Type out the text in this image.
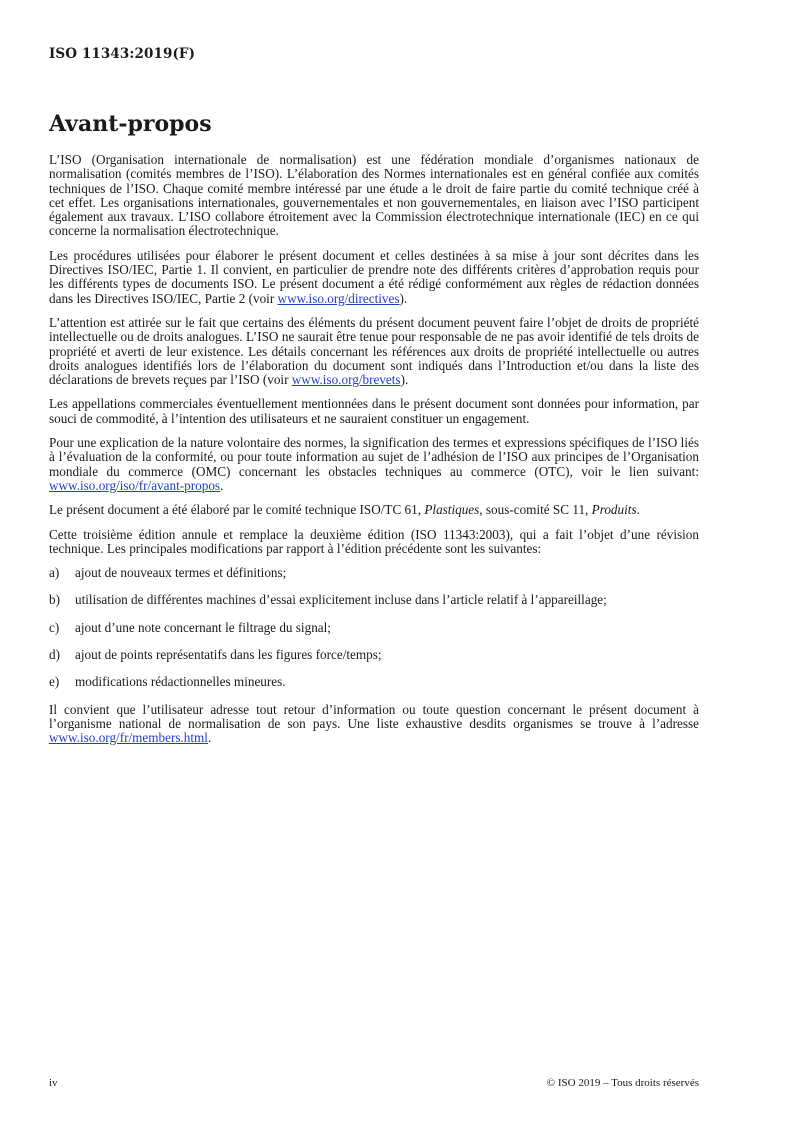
ISO 11343:2019(F)
Avant-propos

L’ISO (Organisation internationale de normalisation) est une fédération mondiale d’organismes nationaux de normalisation (comités membres de l’ISO). L’élaboration des Normes internationales est en général confiée aux comités techniques de l’ISO. Chaque comité membre intéressé par une étude a le droit de faire partie du comité technique créé à cet effet. Les organisations internationales, gouvernementales et non gouvernementales, en liaison avec l’ISO participent également aux travaux. L’ISO collabore étroitement avec la Commission électrotechnique internationale (IEC) en ce qui concerne la normalisation électrotechnique.

Les procédures utilisées pour élaborer le présent document et celles destinées à sa mise à jour sont décrites dans les Directives ISO/IEC, Partie 1. Il convient, en particulier de prendre note des différents critères d’approbation requis pour les différents types de documents ISO. Le présent document a été rédigé conformément aux règles de rédaction données dans les Directives ISO/IEC, Partie 2 (voir www.iso.org/directives).

L’attention est attirée sur le fait que certains des éléments du présent document peuvent faire l’objet de droits de propriété intellectuelle ou de droits analogues. L’ISO ne saurait être tenue pour responsable de ne pas avoir identifié de tels droits de propriété et averti de leur existence. Les détails concernant les références aux droits de propriété intellectuelle ou autres droits analogues identifiés lors de l’élaboration du document sont indiqués dans l’Introduction et/ou dans la liste des déclarations de brevets reçues par l’ISO (voir www.iso.org/brevets).

Les appellations commerciales éventuellement mentionnées dans le présent document sont données pour information, par souci de commodité, à l’intention des utilisateurs et ne sauraient constituer un engagement.

Pour une explication de la nature volontaire des normes, la signification des termes et expressions spécifiques de l’ISO liés à l’évaluation de la conformité, ou pour toute information au sujet de l’adhésion de l’ISO aux principes de l’Organisation mondiale du commerce (OMC) concernant les obstacles techniques au commerce (OTC), voir le lien suivant: www.iso.org/iso/fr/avant-propos.

Le présent document a été élaboré par le comité technique ISO/TC 61, Plastiques, sous-comité SC 11, Produits.

Cette troisième édition annule et remplace la deuxième édition (ISO 11343:2003), qui a fait l’objet d’une révision technique. Les principales modifications par rapport à l’édition précédente sont les suivantes:

a)	ajout de nouveaux termes et définitions;
b)	utilisation de différentes machines d’essai explicitement incluse dans l’article relatif à l’appareillage;
c)	ajout d’une note concernant le filtrage du signal;
d)	ajout de points représentatifs dans les figures force/temps;
e)	modifications rédactionnelles mineures.

Il convient que l’utilisateur adresse tout retour d’information ou toute question concernant le présent document à l’organisme national de normalisation de son pays. Une liste exhaustive desdits organismes se trouve à l’adresse www.iso.org/fr/members.html.

iv	© ISO 2019 – Tous droits réservés
